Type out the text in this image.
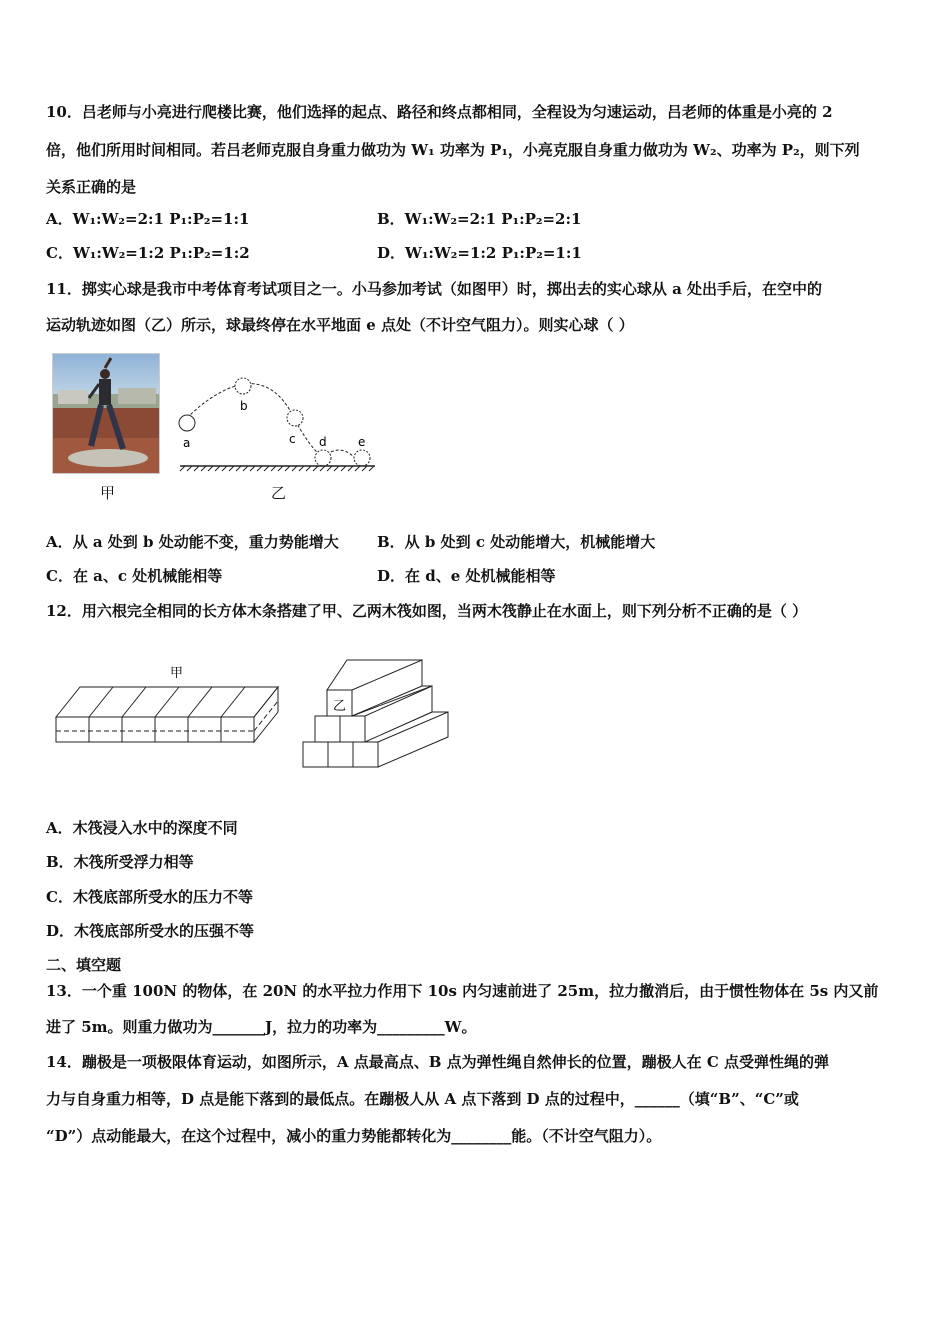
10．吕老师与小亮进行爬楼比赛，他们选择的起点、路径和终点都相同，全程设为匀速运动，吕老师的体重是小亮的 2
倍，他们所用时间相同。若吕老师克服自身重力做功为 W₁ 功率为 P₁，小亮克服自身重力做功为 W₂、功率为 P₂，则下列
关系正确的是
A．W₁:W₂=2:1 P₁:P₂=1:1	B．W₁:W₂=2:1 P₁:P₂=2:1
C．W₁:W₂=1:2 P₁:P₂=1:2	D．W₁:W₂=1:2 P₁:P₂=1:1
11．掷实心球是我市中考体育考试项目之一。小马参加考试（如图甲）时，掷出去的实心球从 a 处出手后，在空中的
运动轨迹如图（乙）所示，球最终停在水平地面 e 点处（不计空气阻力）。则实心球（ ）
甲
a
b
c d	e
乙
A．从 a 处到 b 处动能不变，重力势能增大	B．从 b 处到 c 处动能增大，机械能增大
C．在 a、c 处机械能相等	D．在 d、e 处机械能相等
12．用六根完全相同的长方体木条搭建了甲、乙两木筏如图，当两木筏静止在水面上，则下列分析不正确的是（ ）
甲
乙
A．木筏浸入水中的深度不同
B．木筏所受浮力相等
C．木筏底部所受水的压力不等
D．木筏底部所受水的压强不等
二、填空题
13．一个重 100N 的物体，在 20N 的水平拉力作用下 10s 内匀速前进了 25m，拉力撤消后，由于惯性物体在 5s 内又前
进了 5m。则重力做功为_______J，拉力的功率为_________W。
14．蹦极是一项极限体育运动，如图所示，A 点最高点、B 点为弹性绳自然伸长的位置，蹦极人在 C 点受弹性绳的弹
力与自身重力相等，D 点是能下落到的最低点。在蹦极人从 A 点下落到 D 点的过程中，______（填“B”、“C”或
“D”）点动能最大，在这个过程中，减小的重力势能都转化为________能。（不计空气阻力）。
